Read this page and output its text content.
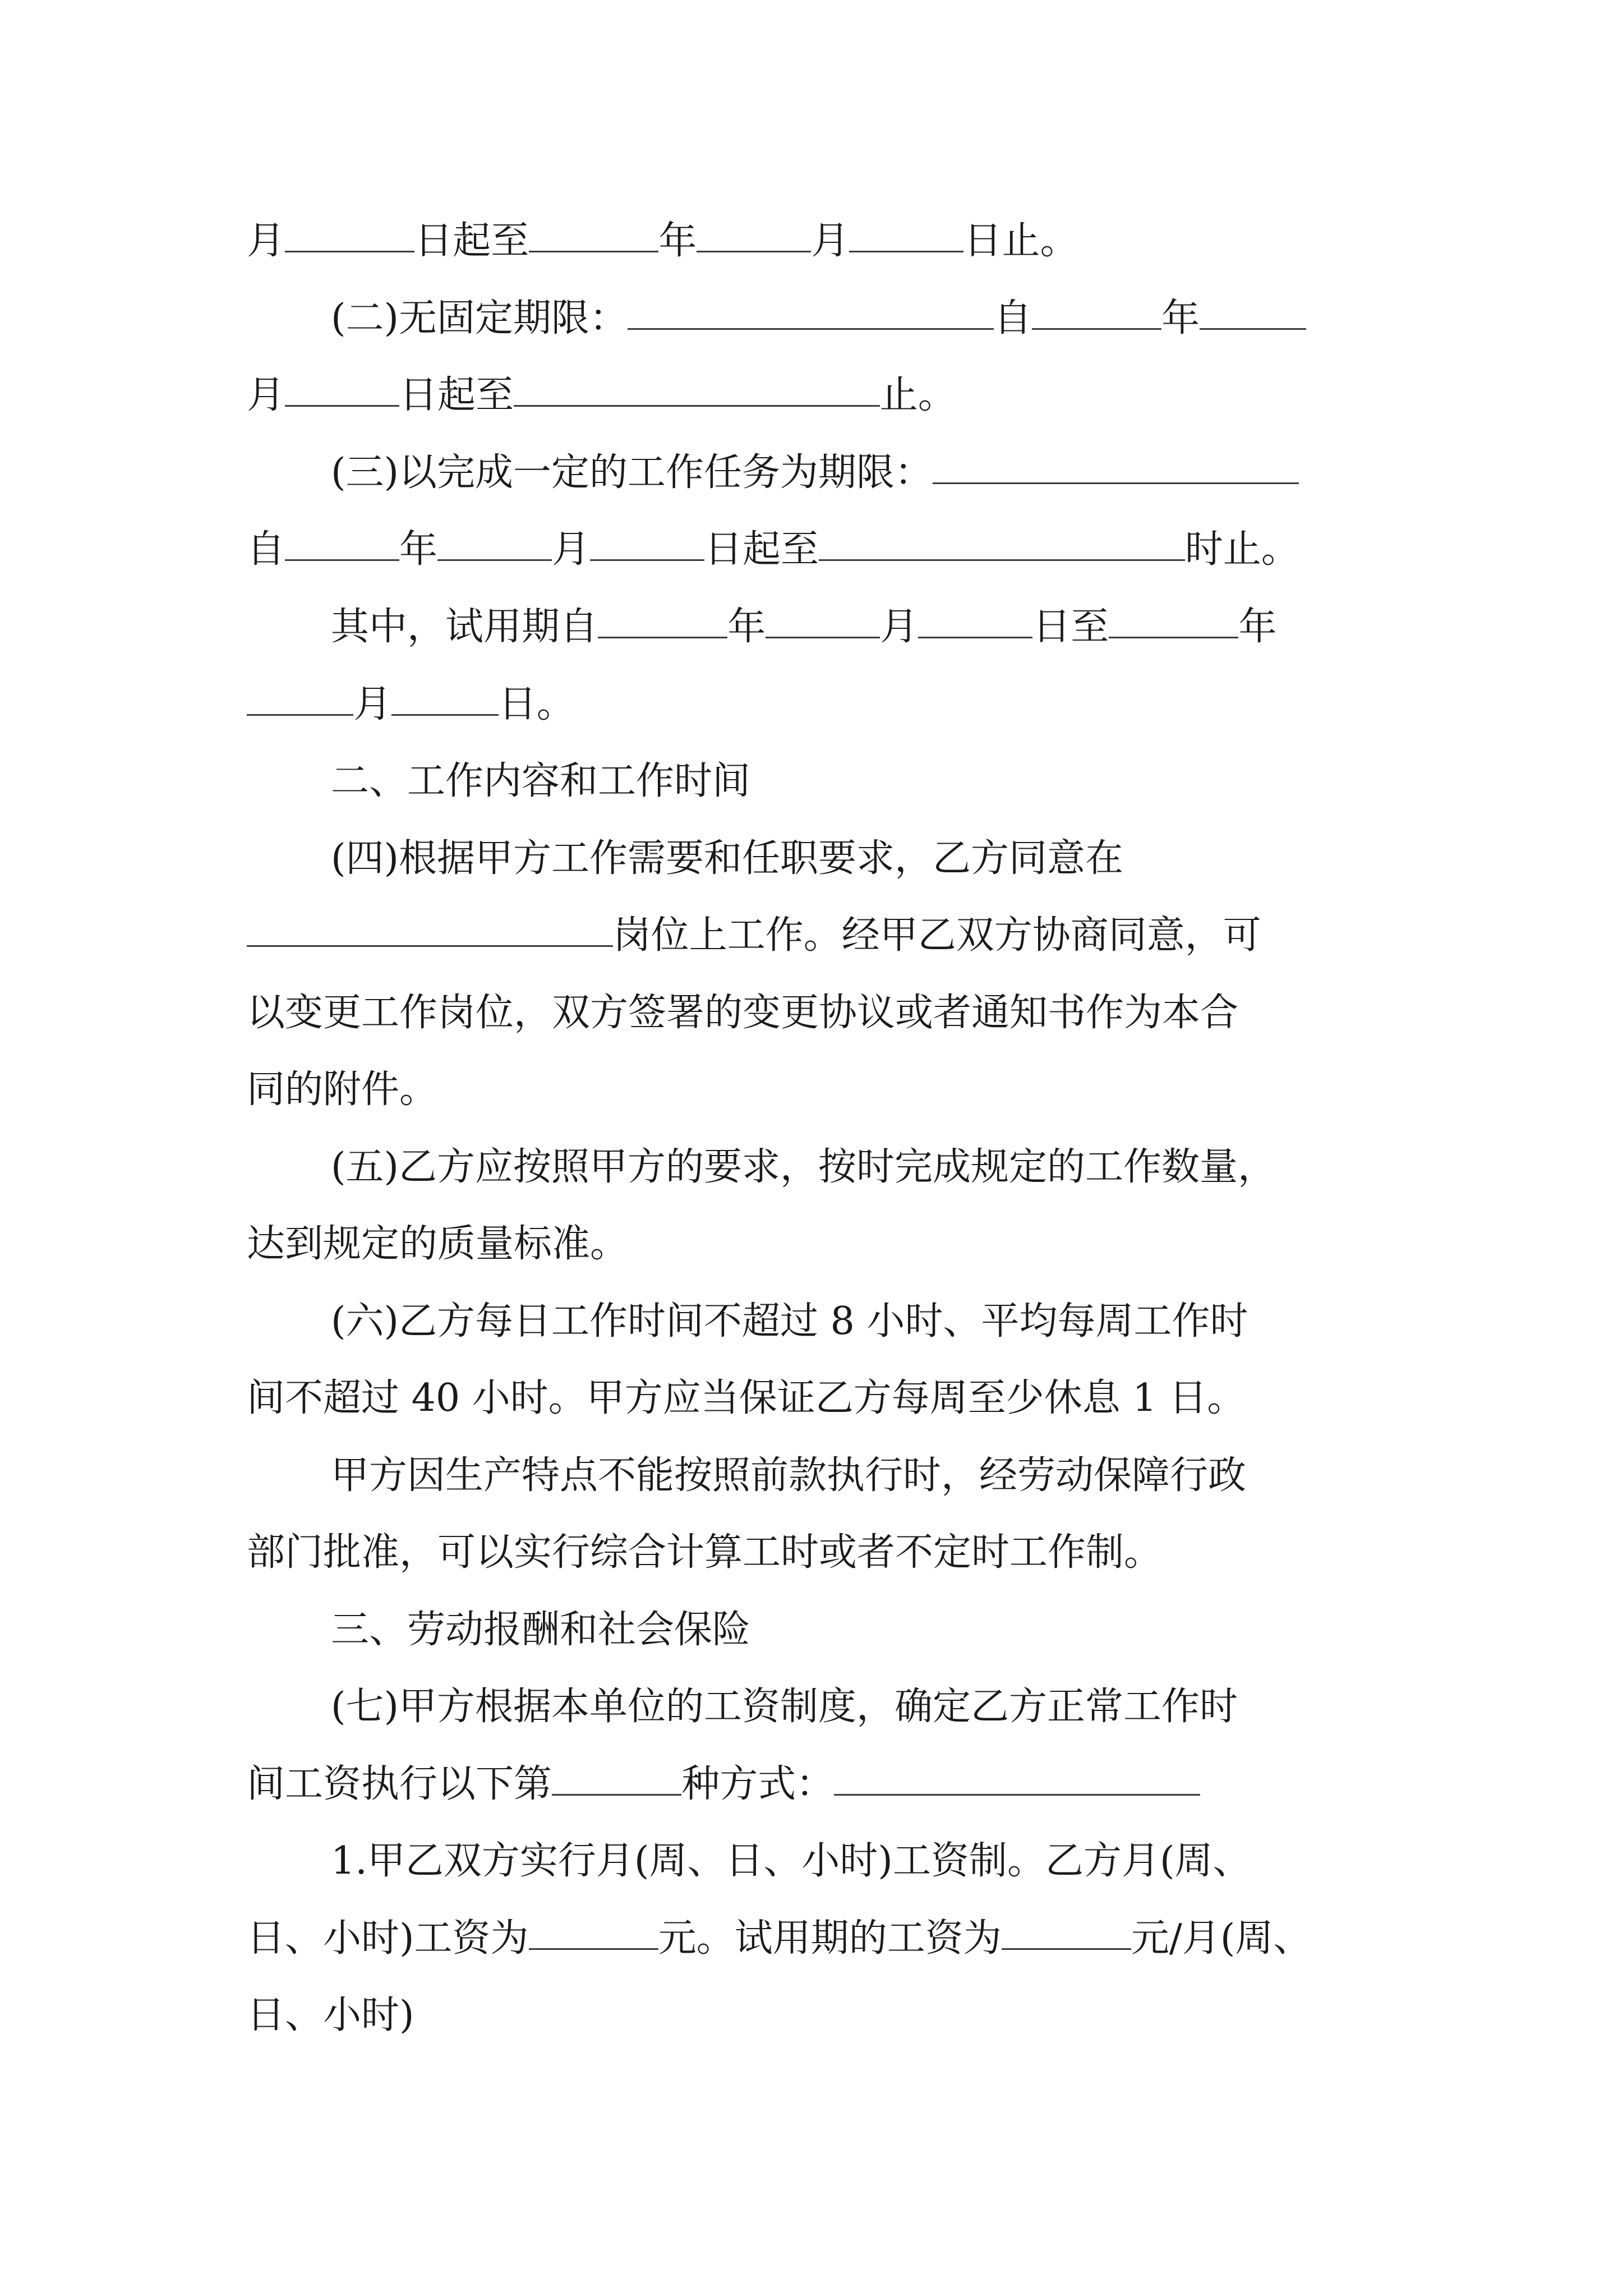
月	日起至	年	月	日止。
(二)无固定期限：	自	年
月	日起至	止。
(三)以完成一定的工作任务为期限：
自	年	月	日起至	时止。
其中，试用期自	年	月	日至	年
月	日。
二、工作内容和工作时间
(四)根据甲方工作需要和任职要求，乙方同意在
岗位上工作。经甲乙双方协商同意，可
以变更工作岗位，双方签署的变更协议或者通知书作为本合
同的附件。
(五)乙方应按照甲方的要求，按时完成规定的工作数量，
达到规定的质量标准。
(六)乙方每日工作时间不超过 8 小时、平均每周工作时
间不超过 40 小时。甲方应当保证乙方每周至少休息 1 日。
甲方因生产特点不能按照前款执行时，经劳动保障行政
部门批准，可以实行综合计算工时或者不定时工作制。
三、劳动报酬和社会保险
(七)甲方根据本单位的工资制度，确定乙方正常工作时
间工资执行以下第	种方式：
1.甲乙双方实行月(周、日、小时)工资制。乙方月(周、
日、小时)工资为	元。试用期的工资为	元/月(周、
日、小时)
